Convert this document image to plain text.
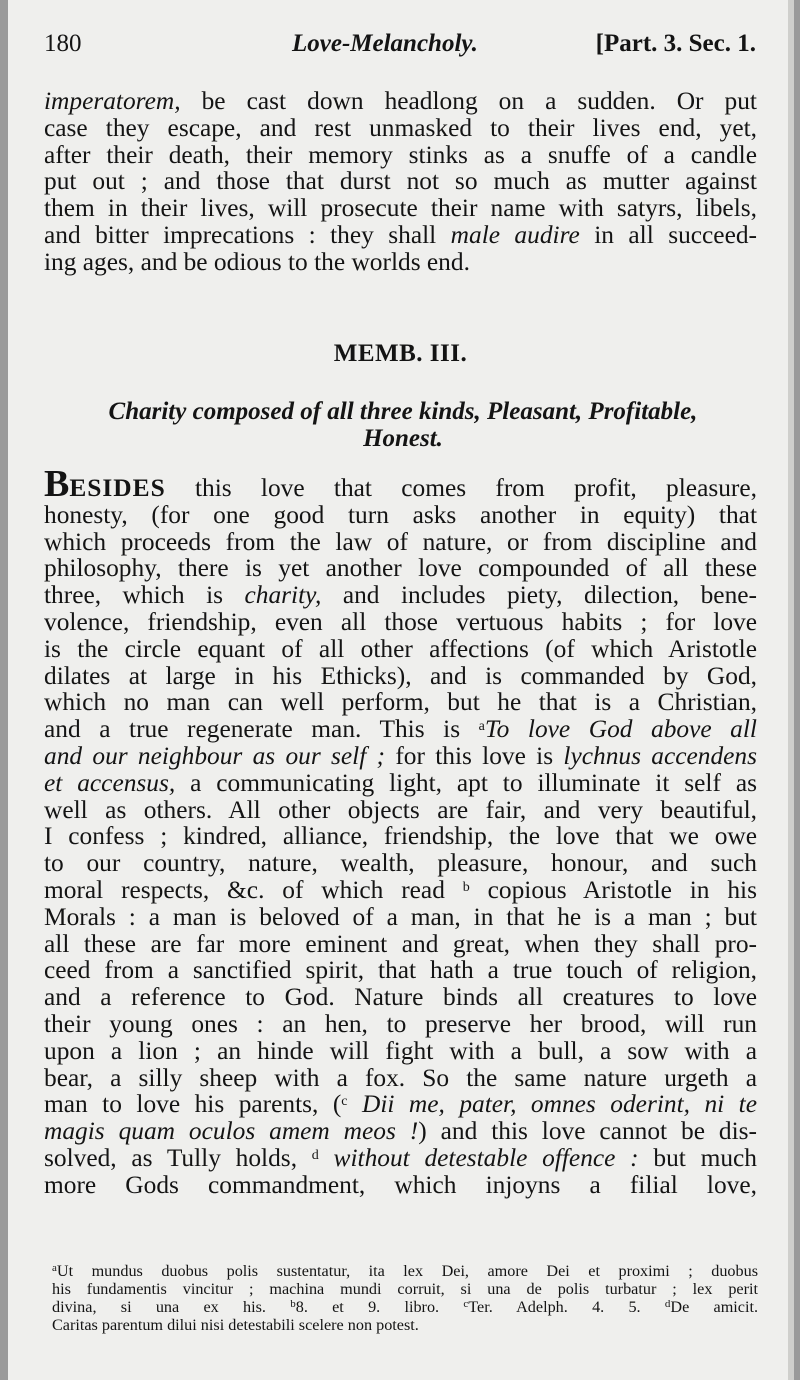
180	Love-Melancholy.	[Part. 3. Sec. 1.
imperatorem, be cast down headlong on a sudden. Or put
case they escape, and rest unmasked to their lives end, yet,
after their death, their memory stinks as a snuffe of a candle
put out ; and those that durst not so much as mutter against
them in their lives, will prosecute their name with satyrs, libels,
and bitter imprecations : they shall male audire in all succeed-
ing ages, and be odious to the worlds end.
MEMB. III.
Charity composed of all three kinds, Pleasant, Profitable,
Honest.
BESIDES this love that comes from profit, pleasure,
honesty, (for one good turn asks another in equity) that
which proceeds from the law of nature, or from discipline and
philosophy, there is yet another love compounded of all these
three, which is charity, and includes piety, dilection, bene-
volence, friendship, even all those vertuous habits ; for love
is the circle equant of all other affections (of which Aristotle
dilates at large in his Ethicks), and is commanded by God,
which no man can well perform, but he that is a Christian,
and a true regenerate man. This is $^a$To love God above all
and our neighbour as our self ; for this love is lychnus accendens
et accensus, a communicating light, apt to illuminate it self as
well as others. All other objects are fair, and very beautiful,
I confess ; kindred, alliance, friendship, the love that we owe
to our country, nature, wealth, pleasure, honour, and such
moral respects, &c. of which read $^b$ copious Aristotle in his
Morals : a man is beloved of a man, in that he is a man ; but
all these are far more eminent and great, when they shall pro-
ceed from a sanctified spirit, that hath a true touch of religion,
and a reference to God. Nature binds all creatures to love
their young ones : an hen, to preserve her brood, will run
upon a lion ; an hinde will fight with a bull, a sow with a
bear, a silly sheep with a fox. So the same nature urgeth a
man to love his parents, ($^c$ Dii me, pater, omnes oderint, ni te
magis quam oculos amem meos !) and this love cannot be dis-
solved, as Tully holds, $^d$ without detestable offence : but much
more Gods commandment, which injoyns a filial love,
$^a$Ut mundus duobus polis sustentatur, ita lex Dei, amore Dei et proximi ; duobus
his fundamentis vincitur ; machina mundi corruit, si una de polis turbatur ; lex perit
divina, si una ex his. $^b$8. et 9. libro. $^c$Ter. Adelph. 4. 5. $^d$De amicit.
Caritas parentum dilui nisi detestabili scelere non potest.
